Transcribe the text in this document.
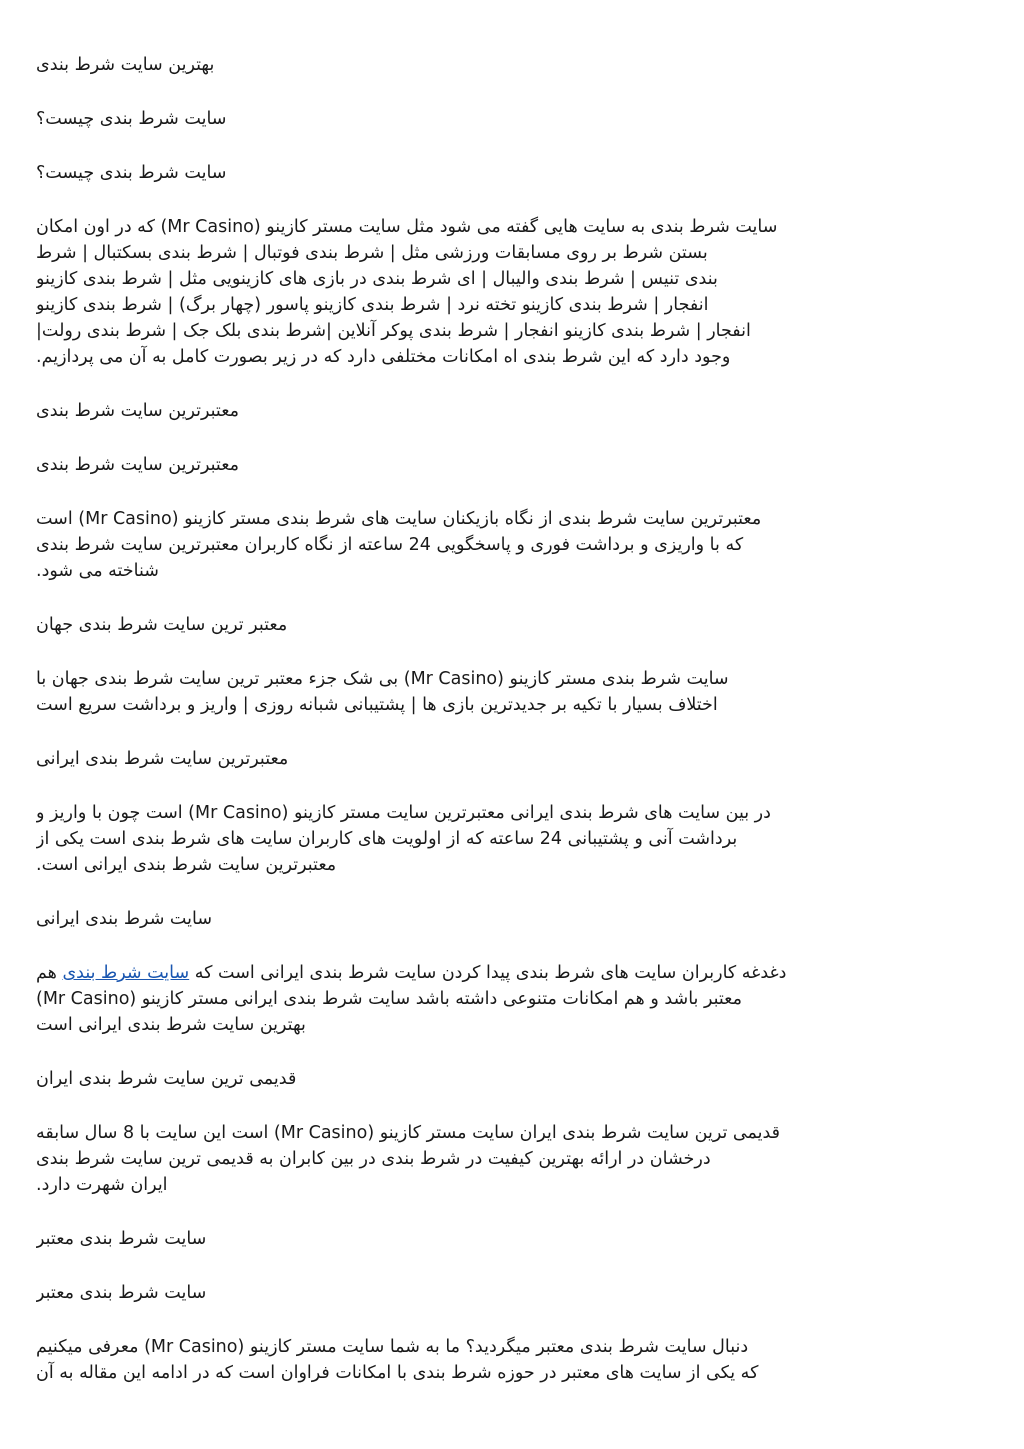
بهترین سایت شرط بندی
سایت شرط بندی چیست؟
سایت شرط بندی چیست؟
سایت شرط بندی به سایت هایی گفته می شود مثل سایت مستر کازینو (Mr Casino) که در اون امکان
بستن شرط بر روی مسابقات ورزشی مثل | شرط بندی فوتبال | شرط بندی بسکتبال | شرط
بندی تنیس | شرط بندی والیبال | ای شرط بندی در بازی های کازینویی مثل | شرط بندی کازینو
انفجار | شرط بندی کازینو تخته نرد | شرط بندی کازینو پاسور (چهار برگ) | شرط بندی کازینو
انفجار | شرط بندی کازینو انفجار | شرط بندی پوکر آنلاین |شرط بندی بلک جک | شرط بندی رولت|
وجود دارد که این شرط بندی اه امکانات مختلفی دارد که در زیر بصورت کامل به آن می پردازیم.
معتبرترین سایت شرط بندی
معتبرترین سایت شرط بندی
معتبرترین سایت شرط بندی از نگاه بازیکنان سایت های شرط بندی مستر کازینو (Mr Casino) است
که با واریزی و برداشت فوری و پاسخگویی 24 ساعته از نگاه کاربران معتبرترین سایت شرط بندی
شناخته می شود.
معتبر ترین سایت شرط بندی جهان
سایت شرط بندی مستر کازینو (Mr Casino) بی شک جزء معتبر ترین سایت شرط بندی جهان با
اختلاف بسیار با تکیه بر جدیدترین بازی ها | پشتیبانی شبانه روزی | واریز و برداشت سریع است
معتبرترین سایت شرط بندی ایرانی
در بین سایت های شرط بندی ایرانی معتبرترین سایت مستر کازینو (Mr Casino) است چون با واریز و
برداشت آنی و پشتیبانی 24 ساعته که از اولویت های کاربران سایت های شرط بندی است یکی از
معتبرترین سایت شرط بندی ایرانی است.
سایت شرط بندی ایرانی
دغدغه کاربران سایت های شرط بندی پیدا کردن سایت شرط بندی ایرانی است که سایت شرط بندی هم
معتبر باشد و هم امکانات متنوعی داشته باشد سایت شرط بندی ایرانی مستر کازینو (Mr Casino)
بهترین سایت شرط بندی ایرانی است
قدیمی ترین سایت شرط بندی ایران
قدیمی ترین سایت شرط بندی ایران سایت مستر کازینو (Mr Casino) است این سایت با 8 سال سابقه
درخشان در ارائه بهترین کیفیت در شرط بندی در بین کابران به قدیمی ترین سایت شرط بندی
ایران شهرت دارد.
سایت شرط بندی معتبر
سایت شرط بندی معتبر
دنبال سایت شرط بندی معتبر میگردید؟ ما به شما سایت مستر کازینو (Mr Casino) معرفی میکنیم
که یکی از سایت های معتبر در حوزه شرط بندی با امکانات فراوان است که در ادامه این مقاله به آن
